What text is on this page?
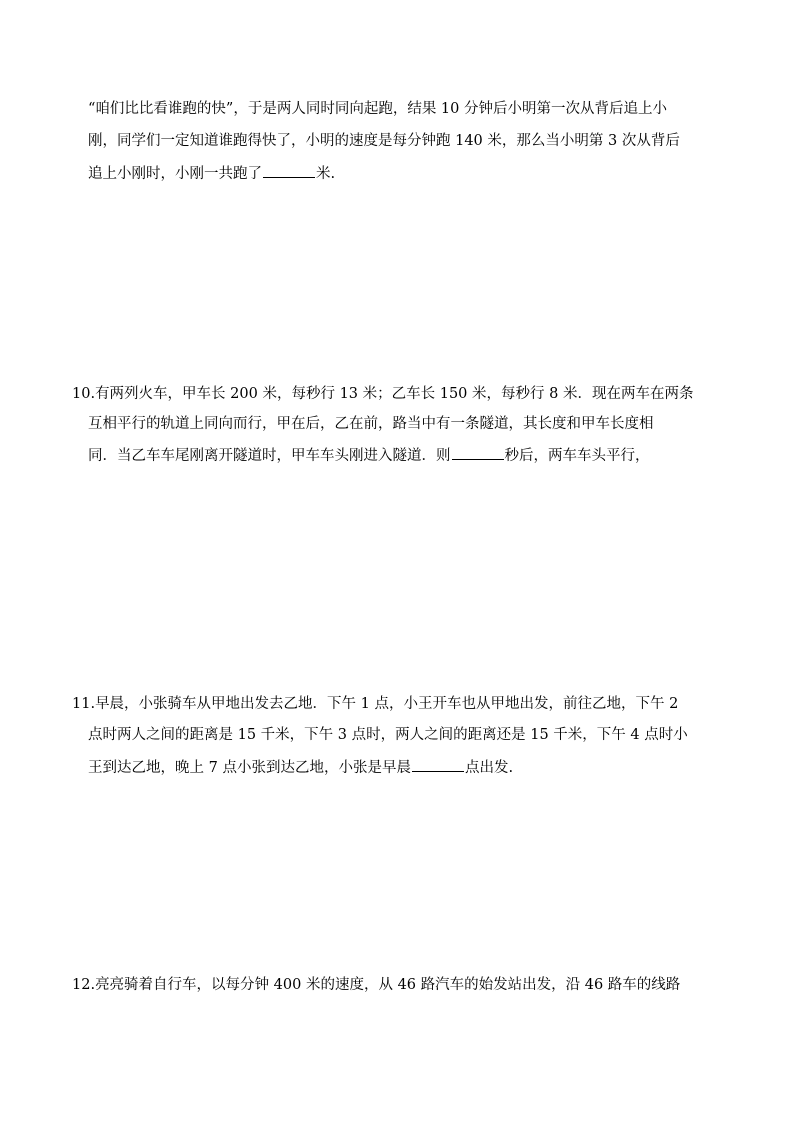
“咱们比比看谁跑的快”，于是两人同时同向起跑，结果 10 分钟后小明第一次从背后追上小
刚，同学们一定知道谁跑得快了，小明的速度是每分钟跑 140 米，那么当小明第 3 次从背后
追上小刚时，小刚一共跑了	米.
10.有两列火车，甲车长 200 米，每秒行 13 米；乙车长 150 米，每秒行 8 米．现在两车在两条
互相平行的轨道上同向而行，甲在后，乙在前，路当中有一条隧道，其长度和甲车长度相
同．当乙车车尾刚离开隧道时，甲车车头刚进入隧道．则	秒后，两车车头平行，
11.早晨，小张骑车从甲地出发去乙地．下午 1 点，小王开车也从甲地出发，前往乙地，下午 2
点时两人之间的距离是 15 千米，下午 3 点时，两人之间的距离还是 15 千米，下午 4 点时小
王到达乙地，晚上 7 点小张到达乙地，小张是早晨	点出发.
12.亮亮骑着自行车，以每分钟 400 米的速度，从 46 路汽车的始发站出发，沿 46 路车的线路
